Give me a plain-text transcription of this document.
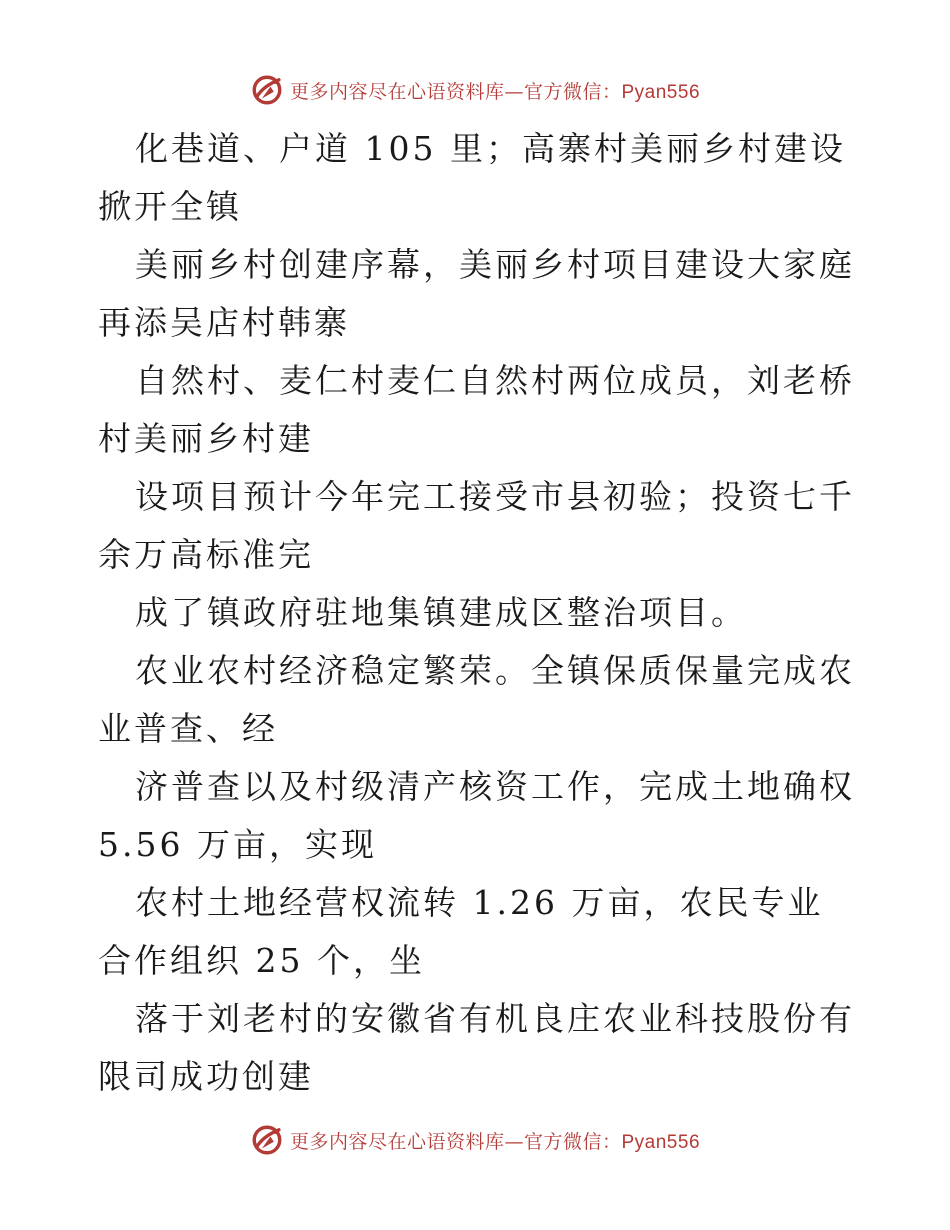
更多内容尽在心语资料库—官方微信：Pyan556

化巷道、户道 105 里；高寨村美丽乡村建设掀开全镇

美丽乡村创建序幕，美丽乡村项目建设大家庭再添吴店村韩寨

自然村、麦仁村麦仁自然村两位成员，刘老桥村美丽乡村建

设项目预计今年完工接受市县初验；投资七千余万高标准完

成了镇政府驻地集镇建成区整治项目。

农业农村经济稳定繁荣。全镇保质保量完成农业普查、经

济普查以及村级清产核资工作，完成土地确权 5.56 万亩，实现

农村土地经营权流转 1.26 万亩，农民专业合作组织 25 个，坐

落于刘老村的安徽省有机良庄农业科技股份有限司成功创建

更多内容尽在心语资料库—官方微信：Pyan556
